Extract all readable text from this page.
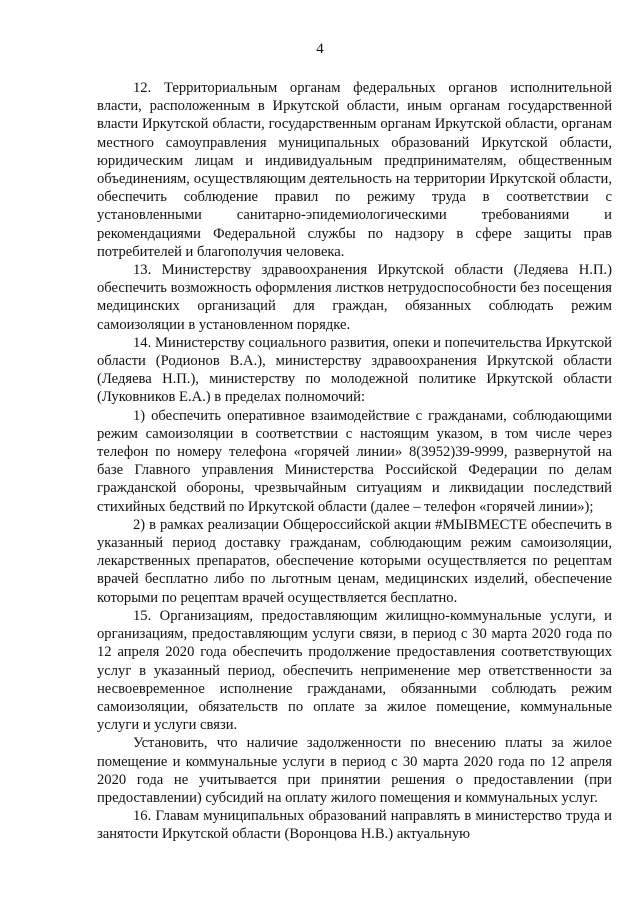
4

12. Территориальным органам федеральных органов исполнительной власти, расположенным в Иркутской области, иным органам государственной власти Иркутской области, государственным органам Иркутской области, органам местного самоуправления муниципальных образований Иркутской области, юридическим лицам и индивидуальным предпринимателям, общественным объединениям, осуществляющим деятельность на территории Иркутской области, обеспечить соблюдение правил по режиму труда в соответствии с установленными санитарно-эпидемиологическими требованиями и рекомендациями Федеральной службы по надзору в сфере защиты прав потребителей и благополучия человека.

13. Министерству здравоохранения Иркутской области (Ледяева Н.П.) обеспечить возможность оформления листков нетрудоспособности без посещения медицинских организаций для граждан, обязанных соблюдать режим самоизоляции в установленном порядке.

14. Министерству социального развития, опеки и попечительства Иркутской области (Родионов В.А.), министерству здравоохранения Иркутской области (Ледяева Н.П.), министерству по молодежной политике Иркутской области (Луковников Е.А.) в пределах полномочий:

1) обеспечить оперативное взаимодействие с гражданами, соблюдающими режим самоизоляции в соответствии с настоящим указом, в том числе через телефон по номеру телефона «горячей линии» 8(3952)39-9999, развернутой на базе Главного управления Министерства Российской Федерации по делам гражданской обороны, чрезвычайным ситуациям и ликвидации последствий стихийных бедствий по Иркутской области (далее – телефон «горячей линии»);

2) в рамках реализации Общероссийской акции #МЫВМЕСТЕ обеспечить в указанный период доставку гражданам, соблюдающим режим самоизоляции, лекарственных препаратов, обеспечение которыми осуществляется по рецептам врачей бесплатно либо по льготным ценам, медицинских изделий, обеспечение которыми по рецептам врачей осуществляется бесплатно.

15. Организациям, предоставляющим жилищно-коммунальные услуги, и организациям, предоставляющим услуги связи, в период с 30 марта 2020 года по 12 апреля 2020 года обеспечить продолжение предоставления соответствующих услуг в указанный период, обеспечить неприменение мер ответственности за несвоевременное исполнение гражданами, обязанными соблюдать режим самоизоляции, обязательств по оплате за жилое помещение, коммунальные услуги и услуги связи.

Установить, что наличие задолженности по внесению платы за жилое помещение и коммунальные услуги в период с 30 марта 2020 года по 12 апреля 2020 года не учитывается при принятии решения о предоставлении (при предоставлении) субсидий на оплату жилого помещения и коммунальных услуг.

16. Главам муниципальных образований направлять в министерство труда и занятости Иркутской области (Воронцова Н.В.) актуальную
